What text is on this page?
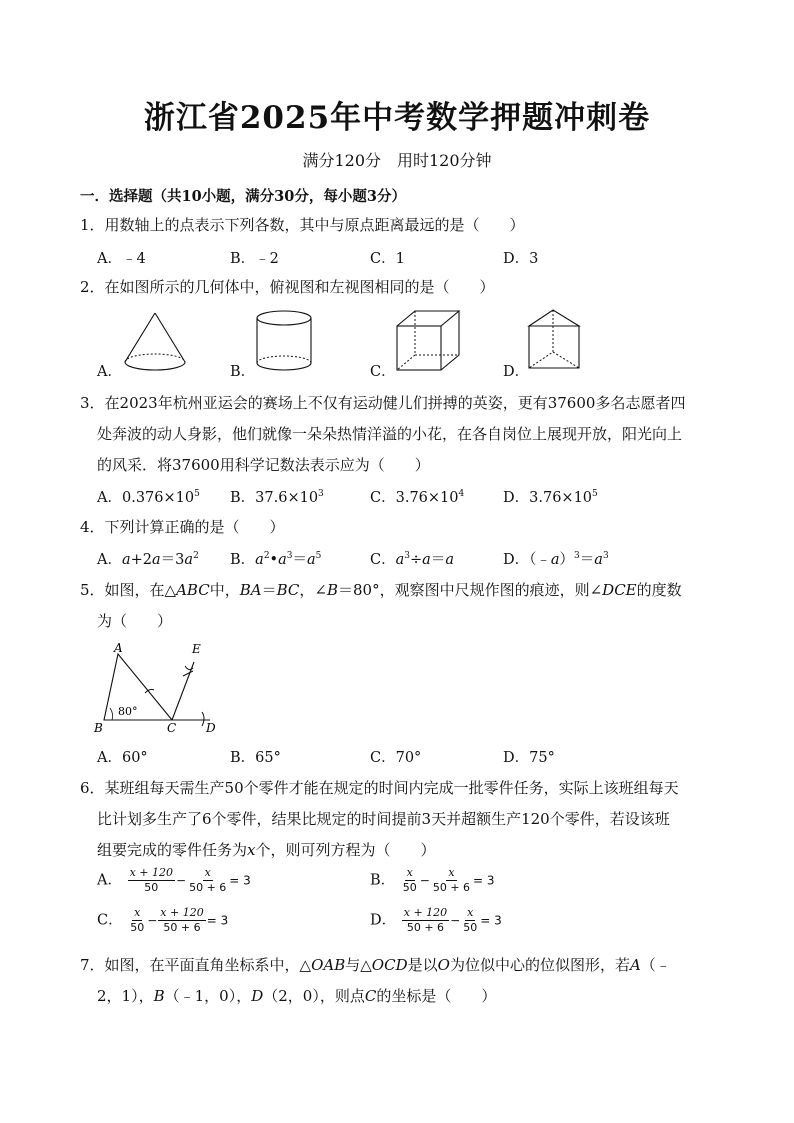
浙江省2025年中考数学押题冲刺卷
满分120分　用时120分钟
一．选择题（共10小题，满分30分，每小题3分）
1．用数轴上的点表示下列各数，其中与原点距离最远的是（　　）
A．﹣4	B．﹣2	C．1	D．3
2．在如图所示的几何体中，俯视图和左视图相同的是（　　）
A．	B．	C．	D．
3．在2023年杭州亚运会的赛场上不仅有运动健儿们拼搏的英姿，更有37600多名志愿者四
处奔波的动人身影，他们就像一朵朵热情洋溢的小花，在各自岗位上展现开放，阳光向上
的风采．将37600用科学记数法表示应为（　　）
A．$0.376\times 10^5$ B．$37.6\times 10^3$	C．$3.76\times 10^4$	D．$3.76\times 10^5$
4．下列计算正确的是（　　）
A．$a+2a=3a^2$ B．$a^2•a^3=a^5$	C．$a^3\div a=a$	D．$(﹣a)^3=a^3$
5．如图，在△ABC中，BA＝BC，∠B＝80°，观察图中尺规作图的痕迹，则∠DCE的度数
为（　　）
A
B	C D
E
80°
A．60°	B．65°	C．70°	D．75°
6．某班组每天需生产50个零件才能在规定的时间内完成一批零件任务，实际上该班组每天
比计划多生产了6个零件，结果比规定的时间提前3天并超额生产120个零件，若设该班
组要完成的零件任务为x个，则可列方程为（　　）
A． $\frac{x + 120}{50} - \frac{x}{50 + 6} = 3$	B． $\frac{x}{50} - \frac{x}{50 + 6} = 3$
C． $\frac{x}{50} - \frac{x + 120}{50 + 6} = 3$	D． $\frac{x + 120}{50 + 6} - \frac{x}{50} = 3$
7．如图，在平面直角坐标系中，△OAB与△OCD是以O为位似中心的位似图形，若A（﹣
2，1），B（﹣1，0），D（2，0），则点C的坐标是（　　）
